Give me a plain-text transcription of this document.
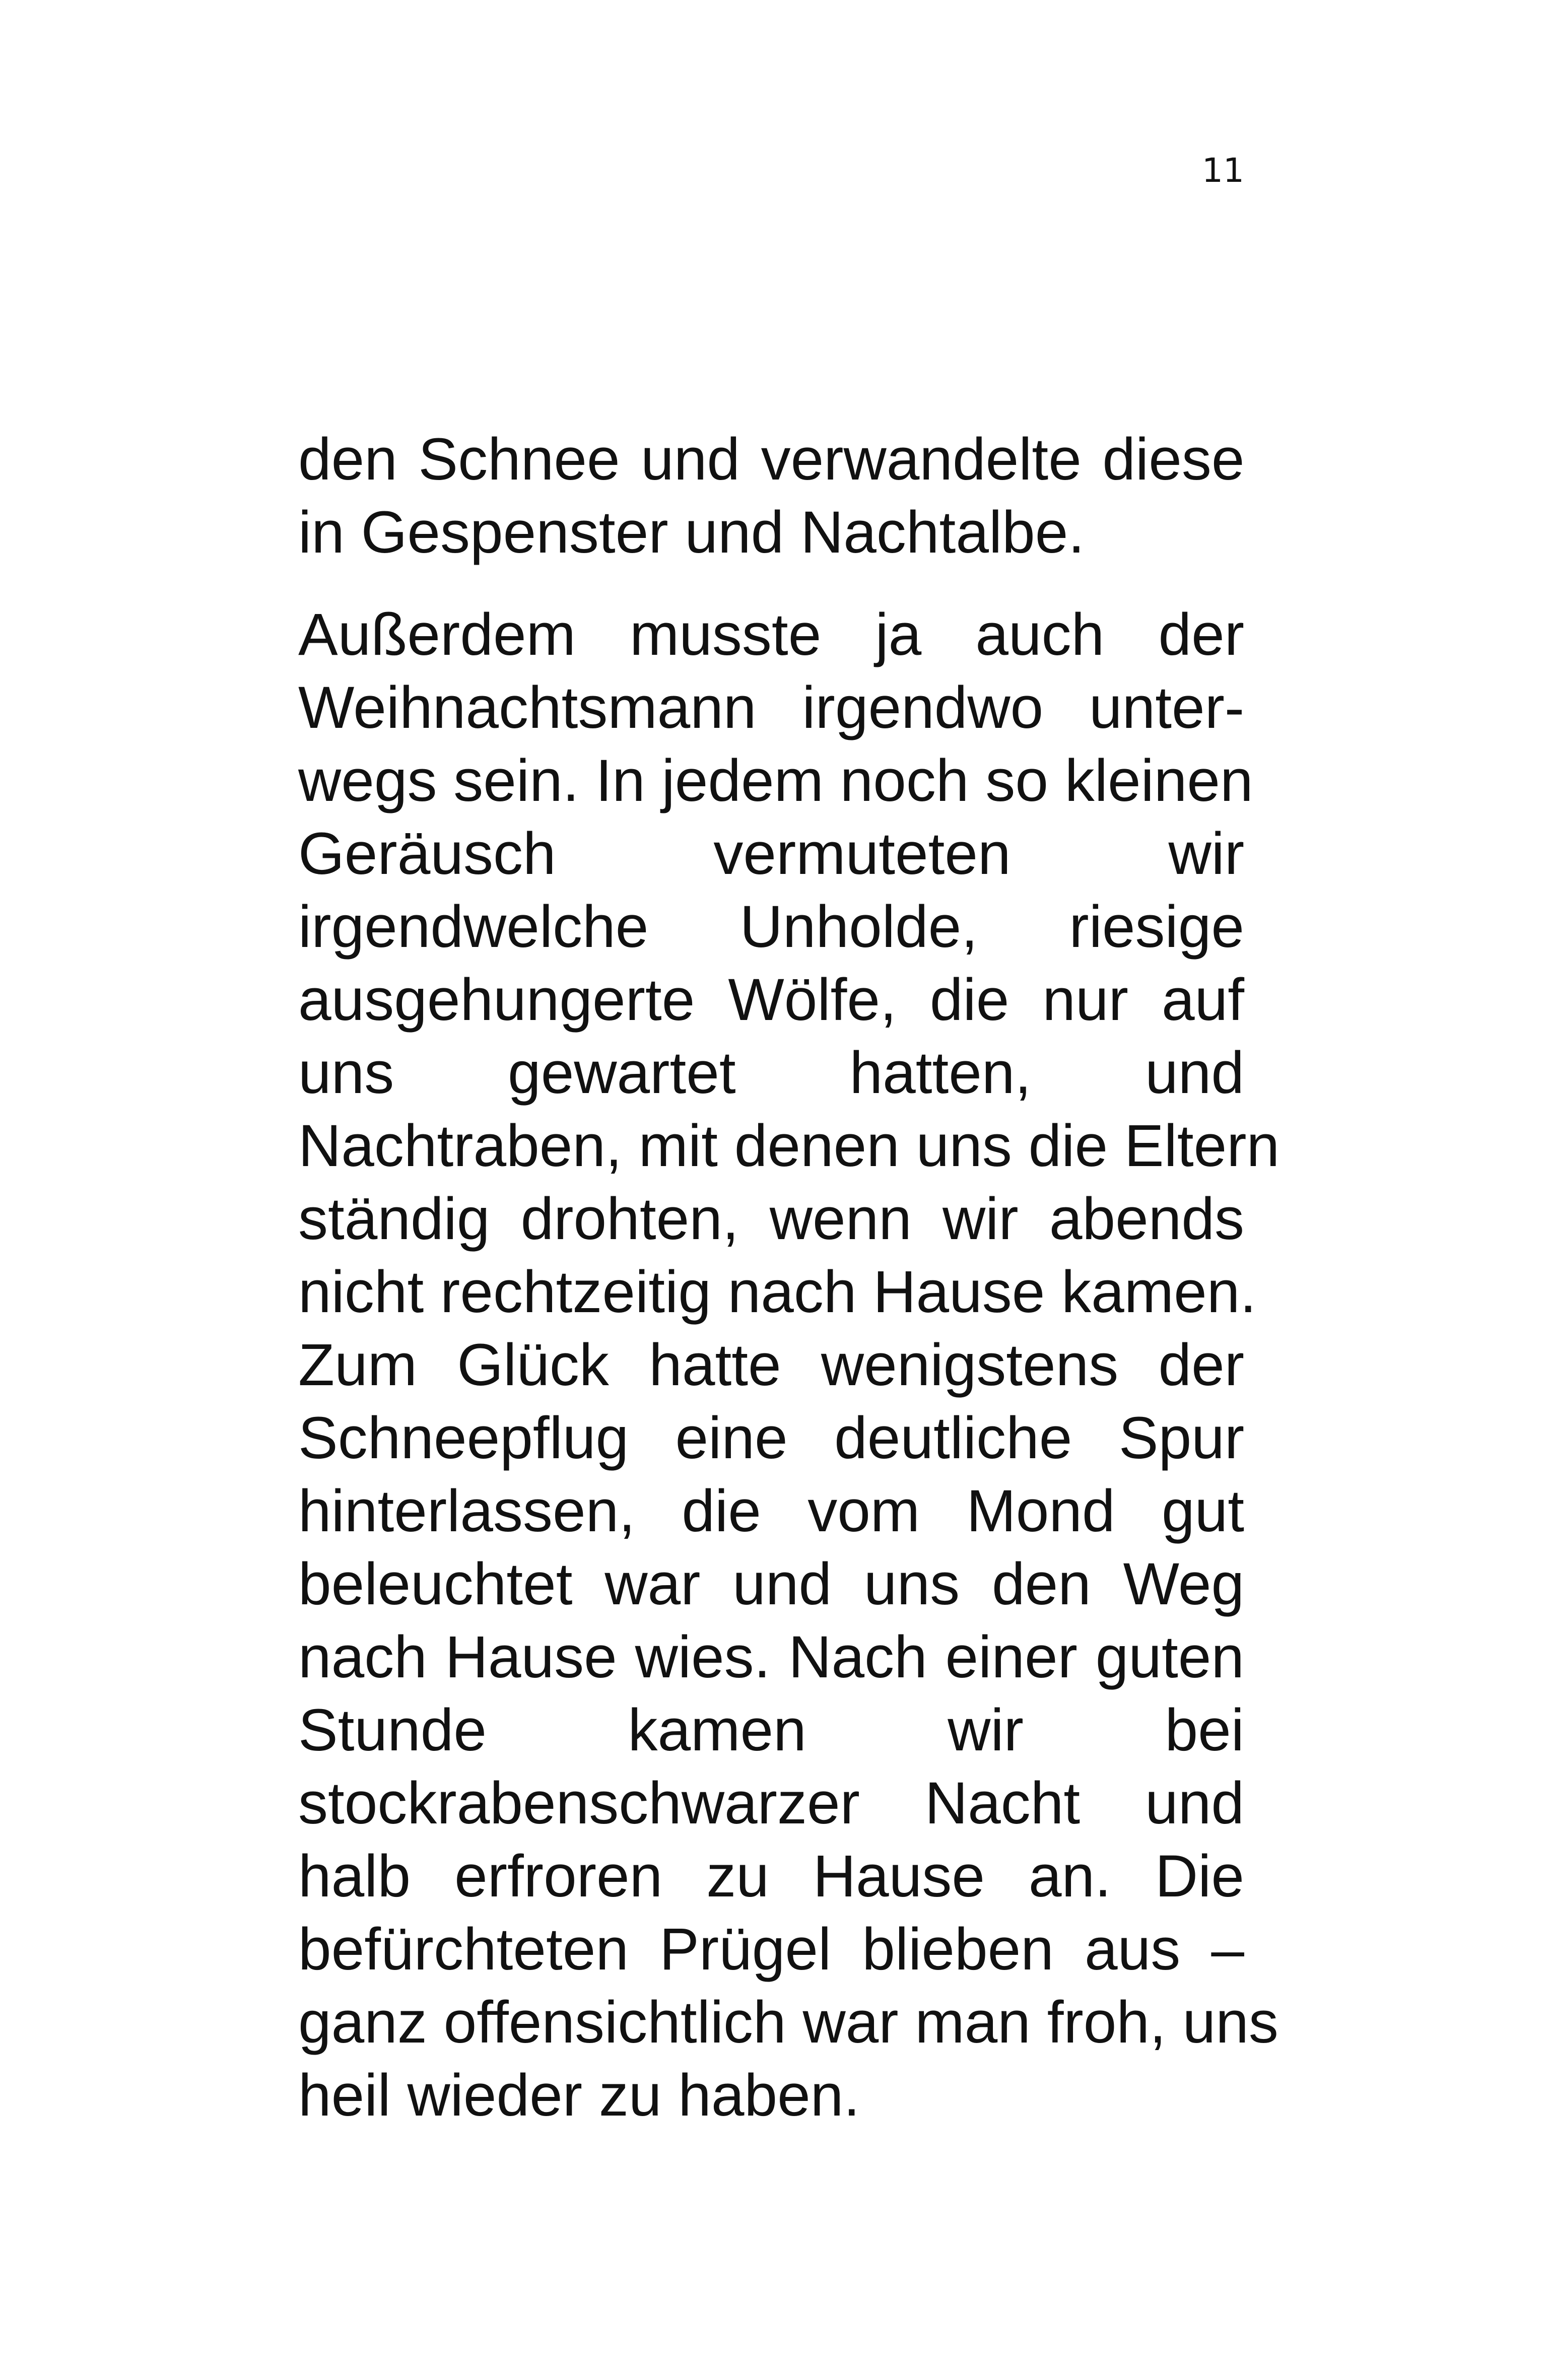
11
den Schnee und verwandelte diese
in Gespenster und Nachtalbe.
Außerdem musste ja auch der
Weihnachtsmann irgendwo unter-
wegs sein. In jedem noch so kleinen
Geräusch vermuteten wir
irgendwelche Unholde, riesige
ausgehungerte Wölfe, die nur auf
uns gewartet hatten, und
Nachtraben, mit denen uns die Eltern
ständig drohten, wenn wir abends
nicht rechtzeitig nach Hause kamen.
Zum Glück hatte wenigstens der
Schneepflug eine deutliche Spur
hinterlassen, die vom Mond gut
beleuchtet war und uns den Weg
nach Hause wies. Nach einer guten
Stunde kamen wir bei
stockrabenschwarzer Nacht und
halb erfroren zu Hause an. Die
befürchteten Prügel blieben aus –
ganz offensichtlich war man froh, uns
heil wieder zu haben.
